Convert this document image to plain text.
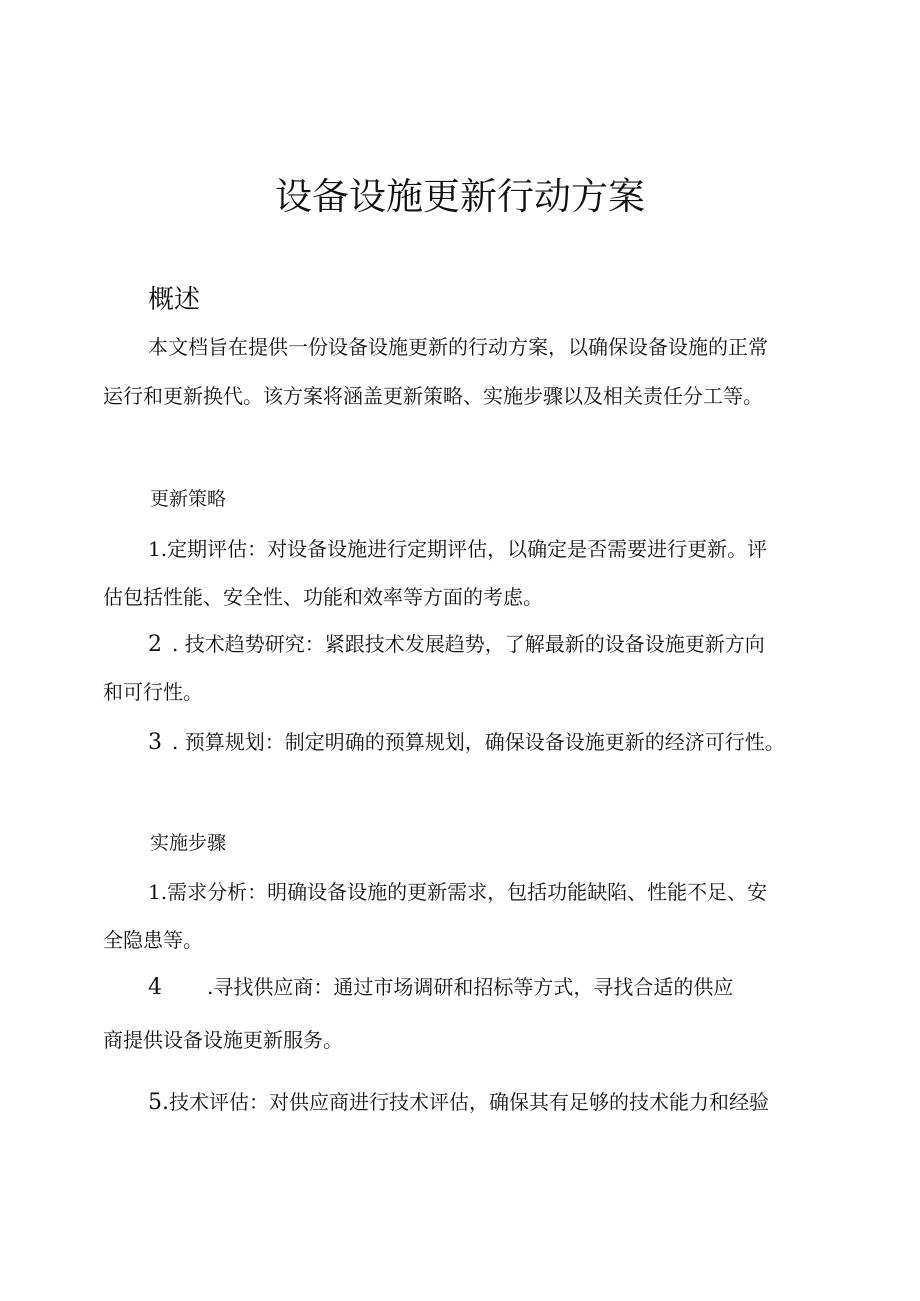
设备设施更新行动方案
概述
本文档旨在提供一份设备设施更新的行动方案，以确保设备设施的正常
运行和更新换代。该方案将涵盖更新策略、实施步骤以及相关责任分工等。
更新策略
1.定期评估：对设备设施进行定期评估，以确定是否需要进行更新。评
估包括性能、安全性、功能和效率等方面的考虑。
2 . 技术趋势研究：紧跟技术发展趋势，了解最新的设备设施更新方向
和可行性。
3 . 预算规划：制定明确的预算规划，确保设备设施更新的经济可行性。
实施步骤
1.需求分析：明确设备设施的更新需求，包括功能缺陷、性能不足、安
全隐患等。
4 .寻找供应商：通过市场调研和招标等方式，寻找合适的供应
商提供设备设施更新服务。
5.技术评估：对供应商进行技术评估，确保其有足够的技术能力和经验
